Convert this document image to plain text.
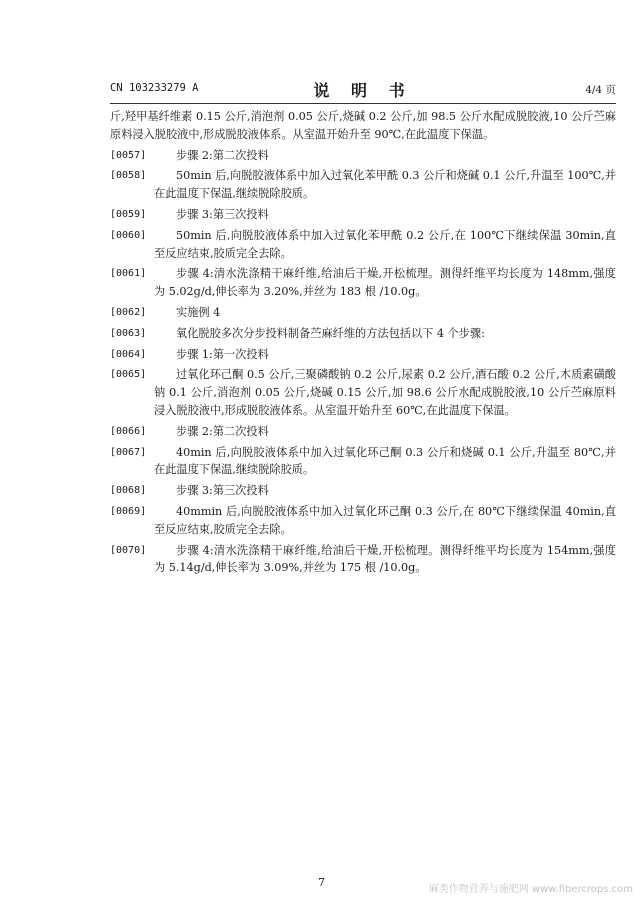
CN 103233279 A	说 明 书	4/4 页
斤,羟甲基纤维素 0.15 公斤,消泡剂 0.05 公斤,烧碱 0.2 公斤,加 98.5 公斤水配成脱胶液,10 公斤苎麻原料浸入脱胶液中,形成脱胶液体系。从室温开始升至 90℃,在此温度下保温。
[0057]	步骤 2:第二次投料
[0058]	50min 后,向脱胶液体系中加入过氧化苯甲酰 0.3 公斤和烧碱 0.1 公斤,升温至 100℃,并在此温度下保温,继续脱除胶质。
[0059]	步骤 3:第三次投料
[0060]	50min 后,向脱胶液体系中加入过氧化苯甲酰 0.2 公斤,在 100℃下继续保温 30min,直至反应结束,胶质完全去除。
[0061]	步骤 4:清水洗涤精干麻纤维,给油后干燥,开松梳理。测得纤维平均长度为 148mm,强度为 5.02g/d,伸长率为 3.20%,并丝为 183 根 /10.0g。
[0062]	实施例 4
[0063]	氧化脱胶多次分步投料制备苎麻纤维的方法包括以下 4 个步骤:
[0064]	步骤 1:第一次投料
[0065]	过氧化环己酮 0.5 公斤,三聚磷酸钠 0.2 公斤,尿素 0.2 公斤,酒石酸 0.2 公斤,木质素磺酸钠 0.1 公斤,消泡剂 0.05 公斤,烧碱 0.15 公斤,加 98.6 公斤水配成脱胶液,10 公斤苎麻原料浸入脱胶液中,形成脱胶液体系。从室温开始升至 60℃,在此温度下保温。
[0066]	步骤 2:第二次投料
[0067]	40min 后,向脱胶液体系中加入过氧化环己酮 0.3 公斤和烧碱 0.1 公斤,升温至 80℃,并在此温度下保温,继续脱除胶质。
[0068]	步骤 3:第三次投料
[0069]	40mmin 后,向脱胶液体系中加入过氧化环己酮 0.3 公斤,在 80℃下继续保温 40min,直至反应结束,胶质完全去除。
[0070]	步骤 4:清水洗涤精干麻纤维,给油后干燥,开松梳理。测得纤维平均长度为 154mm,强度为 5.14g/d,伸长率为 3.09%,并丝为 175 根 /10.0g。
7
麻类作物营养与施肥网 www.fibercrops.com
